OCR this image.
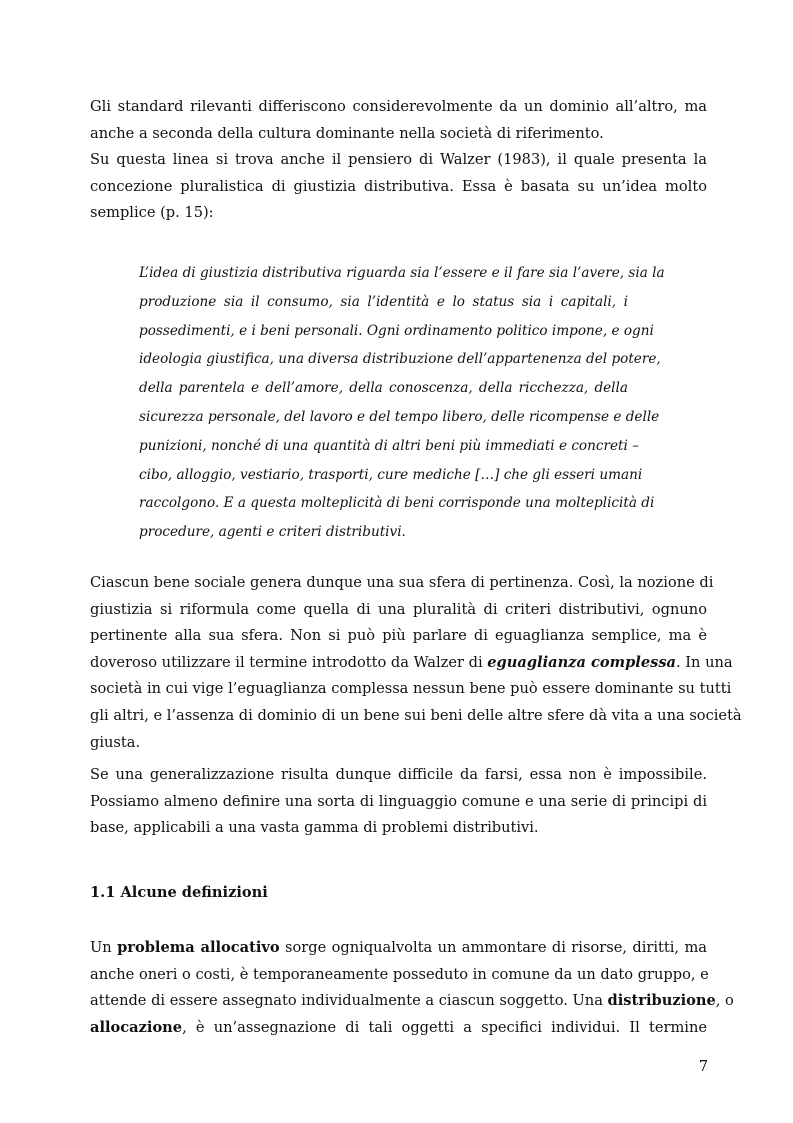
Gli standard rilevanti differiscono considerevolmente da un dominio all’altro, ma
anche a seconda della cultura dominante nella società di riferimento.

Su questa linea si trova anche il pensiero di Walzer (1983), il quale presenta la
concezione pluralistica di giustizia distributiva. Essa è basata su un’idea molto
semplice (p. 15):

L’idea di giustizia distributiva riguarda sia l’essere e il fare sia l’avere, sia la
produzione sia il consumo, sia l’identità e lo status sia i capitali, i
possedimenti, e i beni personali. Ogni ordinamento politico impone, e ogni
ideologia giustifica, una diversa distribuzione dell’appartenenza del potere,
della parentela e dell’amore, della conoscenza, della ricchezza, della
sicurezza personale, del lavoro e del tempo libero, delle ricompense e delle
punizioni, nonché di una quantità di altri beni più immediati e concreti –
cibo, alloggio, vestiario, trasporti, cure mediche […] che gli esseri umani
raccolgono. E a questa molteplicità di beni corrisponde una molteplicità di
procedure, agenti e criteri distributivi.

Ciascun bene sociale genera dunque una sua sfera di pertinenza. Così, la nozione di
giustizia si riformula come quella di una pluralità di criteri distributivi, ognuno
pertinente alla sua sfera. Non si può più parlare di eguaglianza semplice, ma è
doveroso utilizzare il termine introdotto da Walzer di eguaglianza complessa. In una
società in cui vige l’eguaglianza complessa nessun bene può essere dominante su tutti
gli altri, e l’assenza di dominio di un bene sui beni delle altre sfere dà vita a una società
giusta.

Se una generalizzazione risulta dunque difficile da farsi, essa non è impossibile.
Possiamo almeno definire una sorta di linguaggio comune e una serie di principi di
base, applicabili a una vasta gamma di problemi distributivi.

1.1 Alcune definizioni

Un problema allocativo sorge ogniqualvolta un ammontare di risorse, diritti, ma
anche oneri o costi, è temporaneamente posseduto in comune da un dato gruppo, e
attende di essere assegnato individualmente a ciascun soggetto. Una distribuzione, o
allocazione, è un’assegnazione di tali oggetti a specifici individui. Il termine

7
